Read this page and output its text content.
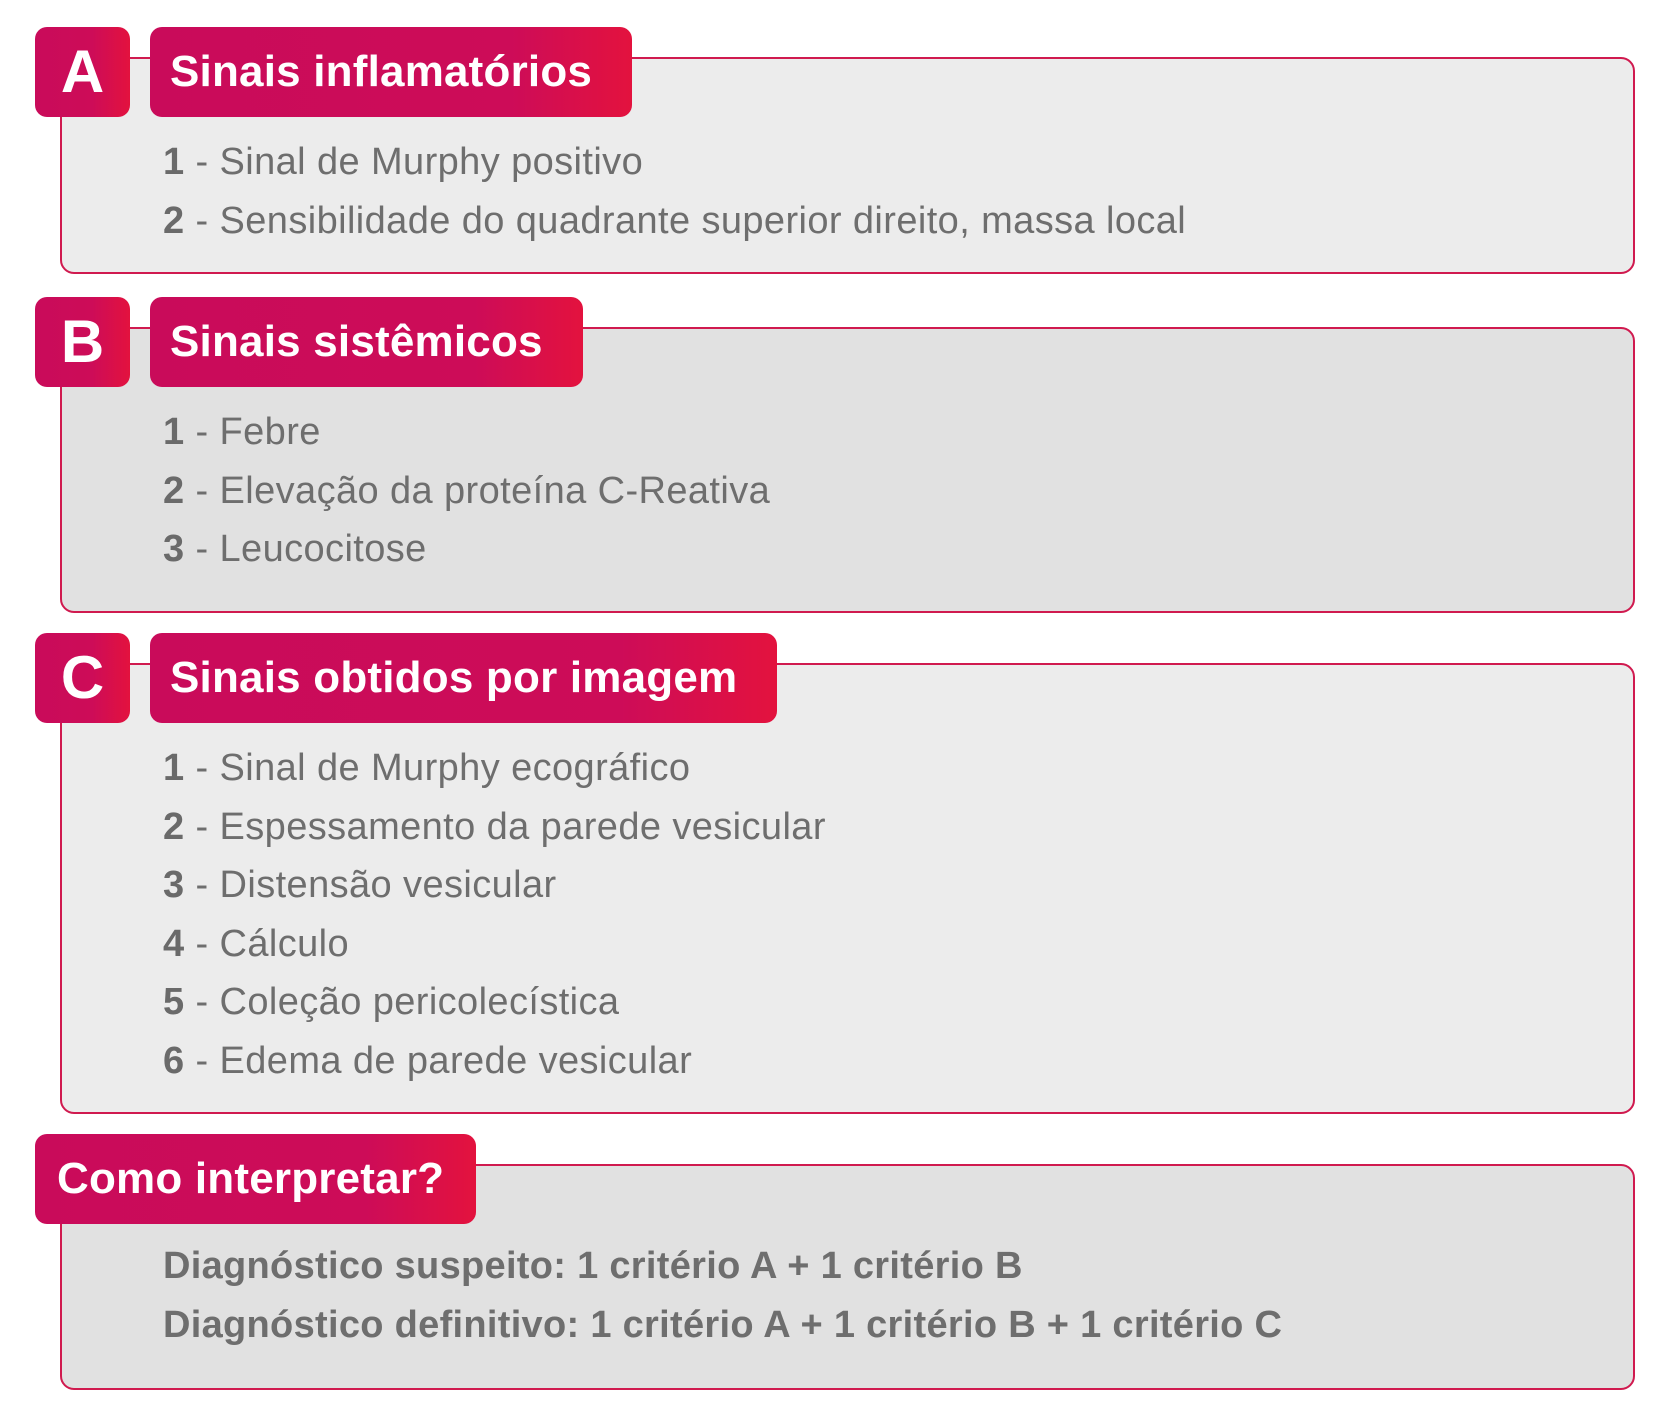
A	Sinais inflamatórios
1 - Sinal de Murphy positivo
2 - Sensibilidade do quadrante superior direito, massa local
B	Sinais sistêmicos
1 - Febre
2 - Elevação da proteína C-Reativa
3 - Leucocitose
C	Sinais obtidos por imagem
1 - Sinal de Murphy ecográfico
2 - Espessamento da parede vesicular
3 - Distensão vesicular
4 - Cálculo
5 - Coleção pericolecística
6 - Edema de parede vesicular
Como interpretar?
Diagnóstico suspeito: 1 critério A + 1 critério B
Diagnóstico definitivo: 1 critério A + 1 critério B + 1 critério C
